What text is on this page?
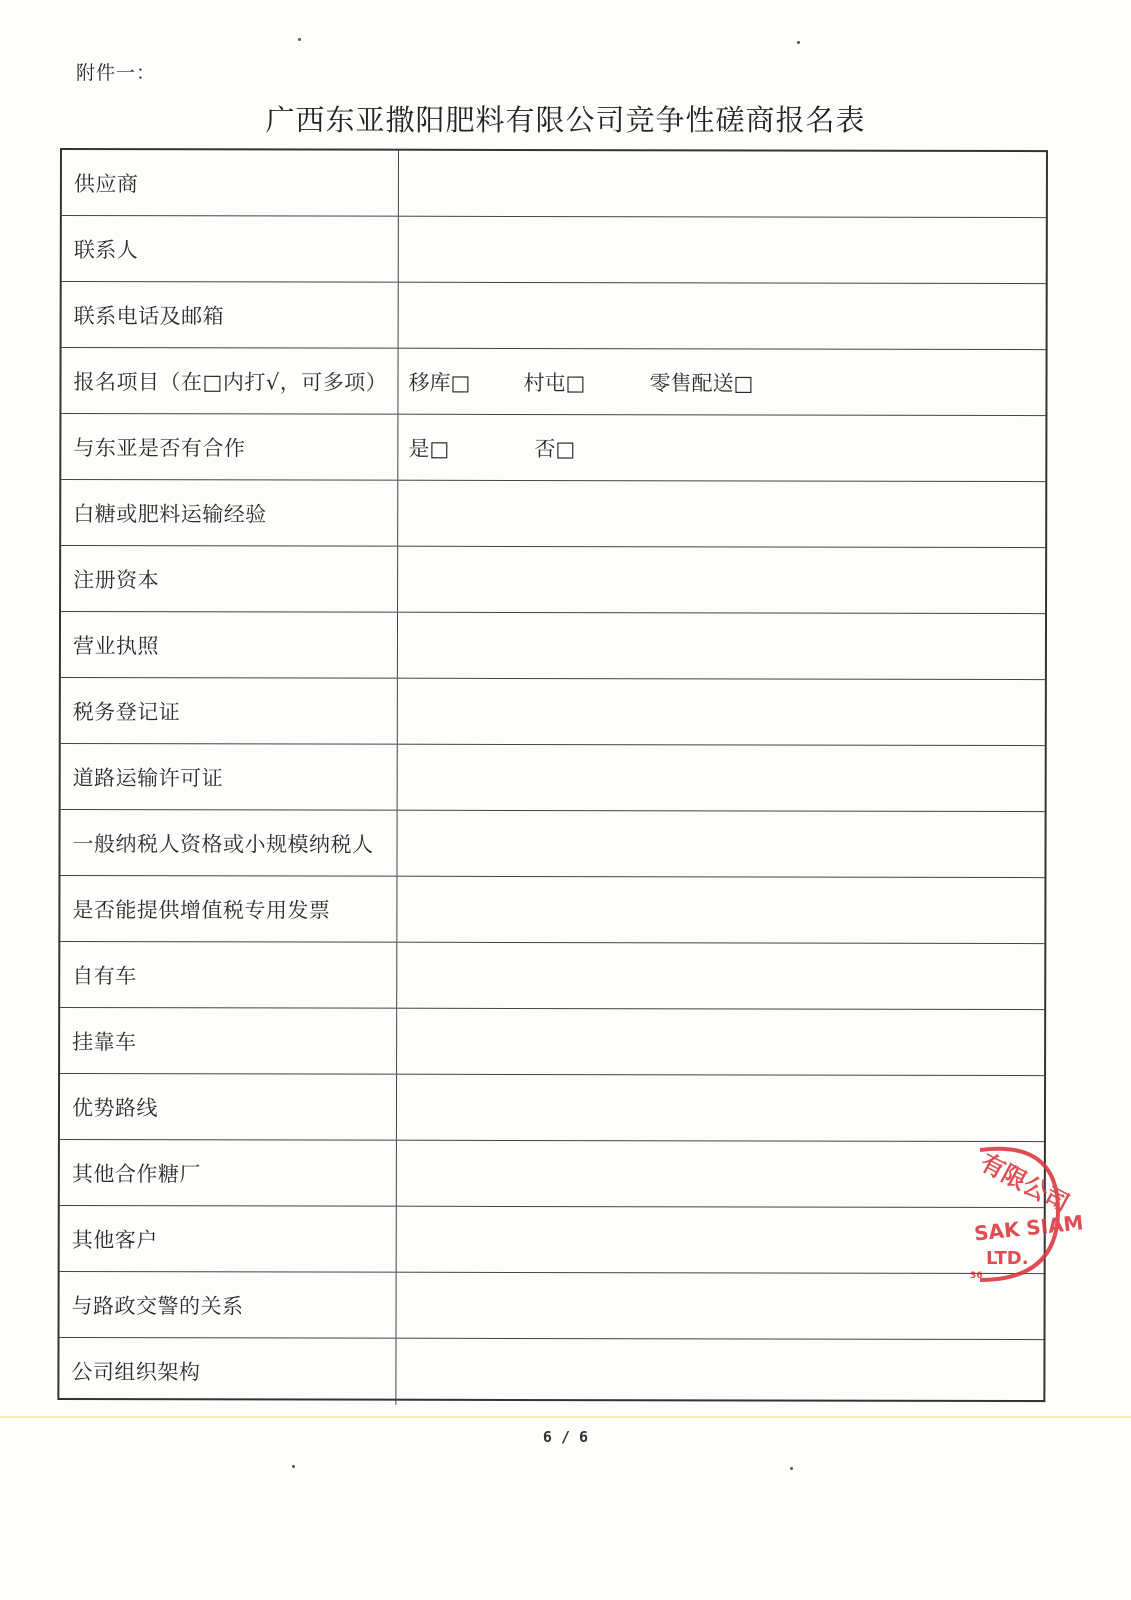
附件一：
广西东亚撒阳肥料有限公司竞争性磋商报名表
供应商
联系人
联系电话及邮箱
报名项目（在□内打√，可多项）	移库□	村屯□	零售配送□
与东亚是否有合作	是□	否□
白糖或肥料运输经验
注册资本
营业执照
税务登记证
道路运输许可证
一般纳税人资格或小规模纳税人
是否能提供增值税专用发票
自有车
挂靠车
优势路线
其他合作糖厂
其他客户
与路政交警的关系
公司组织架构
有限公司
SAK SIAM
LTD.
36
6 / 6
